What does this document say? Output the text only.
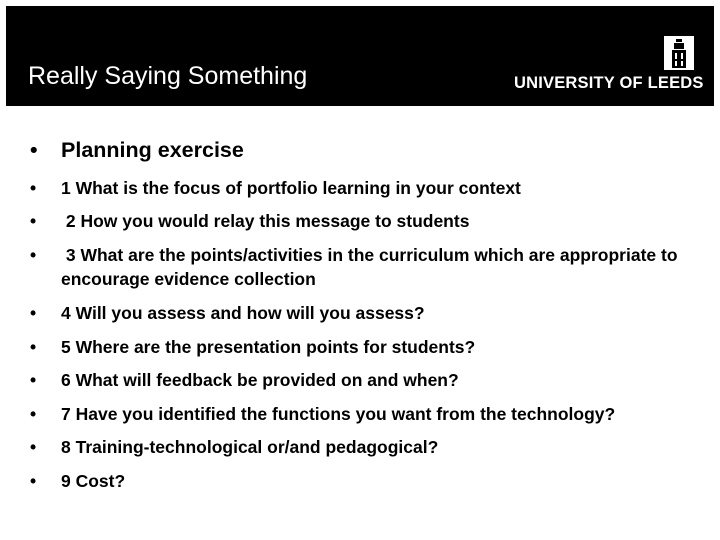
Really Saying Something	UNIVERSITY OF LEEDS
• Planning exercise
• 1 What is the focus of portfolio learning in your context
• 2 How you would relay this message to students
• 3 What are the points/activities in the curriculum which are appropriate to encourage evidence collection
• 4 Will you assess and how will you assess?
• 5 Where are the presentation points for students?
• 6 What will feedback be provided on and when?
• 7 Have you identified the functions you want from the technology?
• 8 Training-technological or/and pedagogical?
• 9 Cost?
